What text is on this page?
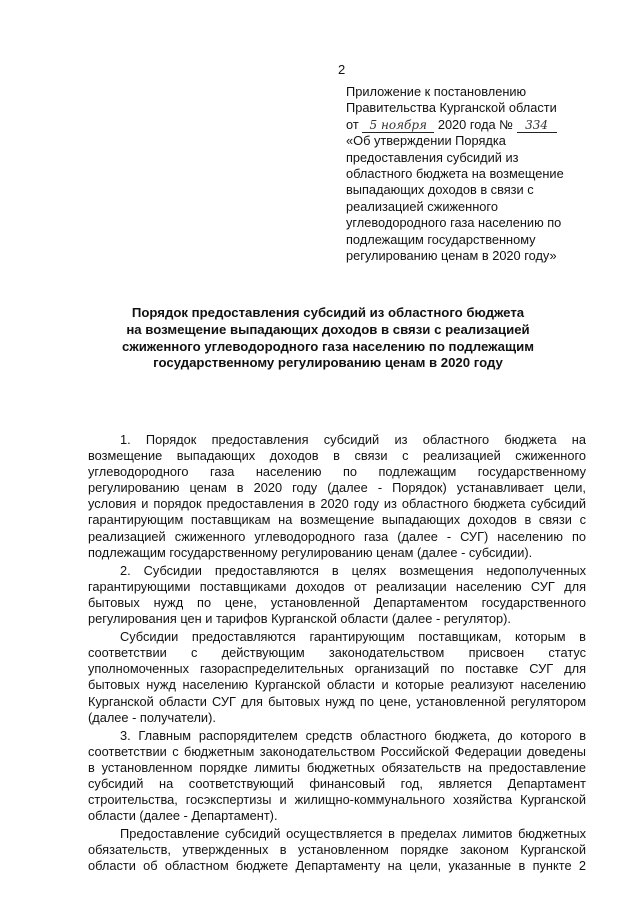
2
Приложение к постановлению
Правительства Курганской области
от 5 ноября 2020 года № 334
«Об утверждении Порядка
предоставления субсидий из
областного бюджета на возмещение
выпадающих доходов в связи с
реализацией сжиженного
углеводородного газа населению по
подлежащим государственному
регулированию ценам в 2020 году»
Порядок предоставления субсидий из областного бюджета
на возмещение выпадающих доходов в связи с реализацией
сжиженного углеводородного газа населению по подлежащим
государственному регулированию ценам в 2020 году
1. Порядок предоставления субсидий из областного бюджета на
возмещение выпадающих доходов в связи с реализацией сжиженного
углеводородного газа населению по подлежащим государственному
регулированию ценам в 2020 году (далее - Порядок) устанавливает цели,
условия и порядок предоставления в 2020 году из областного бюджета субсидий
гарантирующим поставщикам на возмещение выпадающих доходов в связи с
реализацией сжиженного углеводородного газа (далее - СУГ) населению по
подлежащим государственному регулированию ценам (далее - субсидии).
2. Субсидии предоставляются в целях возмещения недополученных
гарантирующими поставщиками доходов от реализации населению СУГ для
бытовых нужд по цене, установленной Департаментом государственного
регулирования цен и тарифов Курганской области (далее - регулятор).
Субсидии предоставляются гарантирующим поставщикам, которым в
соответствии с действующим законодательством присвоен статус
уполномоченных газораспределительных организаций по поставке СУГ для
бытовых нужд населению Курганской области и которые реализуют населению
Курганской области СУГ для бытовых нужд по цене, установленной регулятором
(далее - получатели).
3. Главным распорядителем средств областного бюджета, до которого в
соответствии с бюджетным законодательством Российской Федерации доведены
в установленном порядке лимиты бюджетных обязательств на предоставление
субсидий на соответствующий финансовый год, является Департамент
строительства, госэкспертизы и жилищно-коммунального хозяйства Курганской
области (далее - Департамент).
Предоставление субсидий осуществляется в пределах лимитов бюджетных
обязательств, утвержденных в установленном порядке законом Курганской
области об областном бюджете Департаменту на цели, указанные в пункте 2
